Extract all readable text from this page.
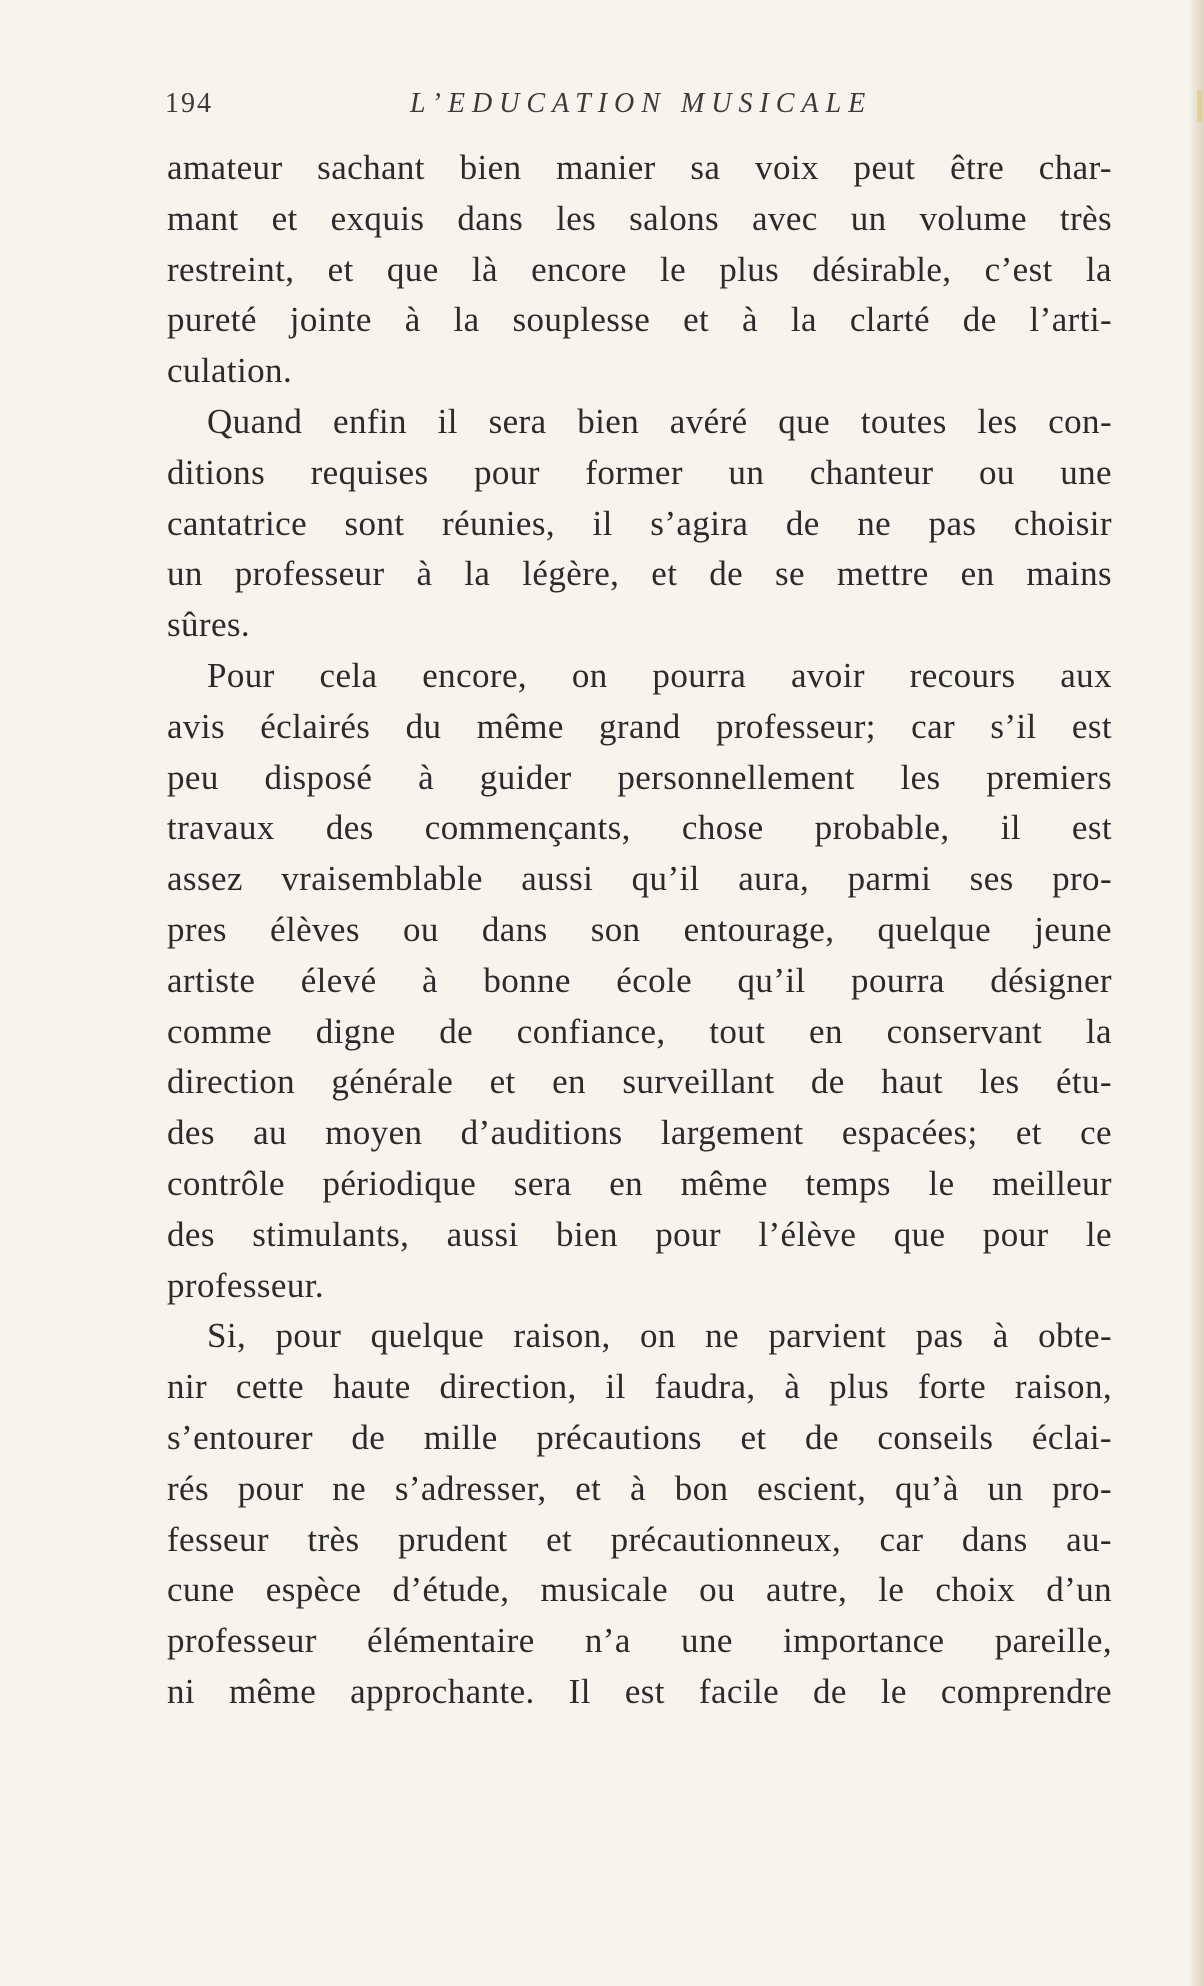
194	L’EDUCATION MUSICALE
amateur sachant bien manier sa voix peut être char-
mant et exquis dans les salons avec un volume très
restreint, et que là encore le plus désirable, c’est la
pureté jointe à la souplesse et à la clarté de l’arti-
culation.
Quand enfin il sera bien avéré que toutes les con-
ditions requises pour former un chanteur ou une
cantatrice sont réunies, il s’agira de ne pas choisir
un professeur à la légère, et de se mettre en mains
sûres.
Pour cela encore, on pourra avoir recours aux
avis éclairés du même grand professeur; car s’il est
peu disposé à guider personnellement les premiers
travaux des commençants, chose probable, il est
assez vraisemblable aussi qu’il aura, parmi ses pro-
pres élèves ou dans son entourage, quelque jeune
artiste élevé à bonne école qu’il pourra désigner
comme digne de confiance, tout en conservant la
direction générale et en surveillant de haut les étu-
des au moyen d’auditions largement espacées; et ce
contrôle périodique sera en même temps le meilleur
des stimulants, aussi bien pour l’élève que pour le
professeur.
Si, pour quelque raison, on ne parvient pas à obte-
nir cette haute direction, il faudra, à plus forte raison,
s’entourer de mille précautions et de conseils éclai-
rés pour ne s’adresser, et à bon escient, qu’à un pro-
fesseur très prudent et précautionneux, car dans au-
cune espèce d’étude, musicale ou autre, le choix d’un
professeur élémentaire n’a une importance pareille,
ni même approchante. Il est facile de le comprendre
